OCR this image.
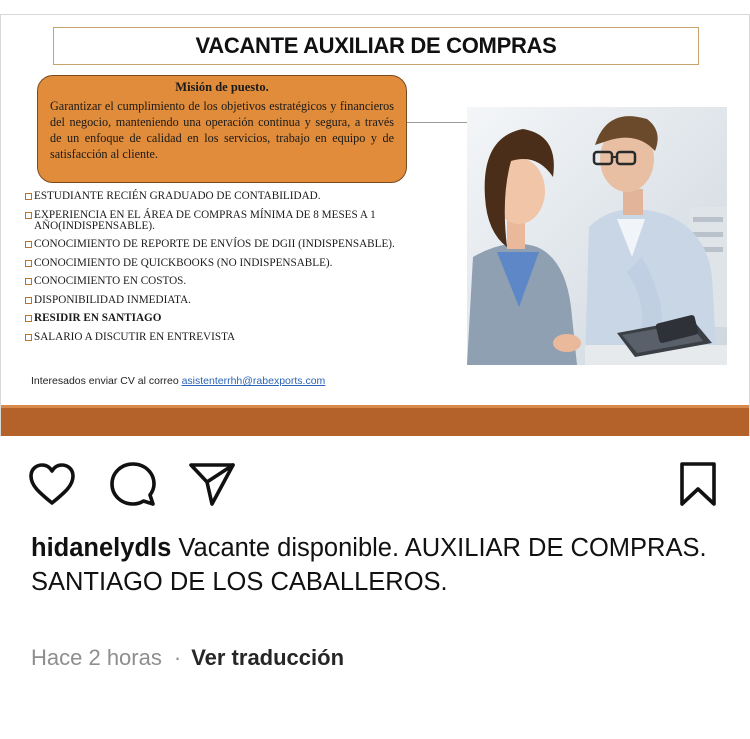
VACANTE AUXILIAR DE COMPRAS
Misión de puesto.
Garantizar el cumplimiento de los objetivos estratégicos y financieros del negocio, manteniendo una operación continua y segura, a través de un enfoque de calidad en los servicios, trabajo en equipo y de satisfacción al cliente.
ESTUDIANTE RECIÉN GRADUADO DE CONTABILIDAD.
EXPERIENCIA EN EL ÁREA DE COMPRAS MÍNIMA DE 8 MESES A 1 AÑO(INDISPENSABLE).
CONOCIMIENTO DE REPORTE DE ENVÍOS DE DGII (INDISPENSABLE).
CONOCIMIENTO DE QUICKBOOKS (NO INDISPENSABLE).
CONOCIMIENTO EN COSTOS.
DISPONIBILIDAD INMEDIATA.
RESIDIR EN SANTIAGO
SALARIO A DISCUTIR EN ENTREVISTA
Interesados enviar CV al correo asistenterrhh@rabexports.com
hidanelydls Vacante disponible. AUXILIAR DE COMPRAS.
SANTIAGO DE LOS CABALLEROS.
Hace 2 horas · Ver traducción
